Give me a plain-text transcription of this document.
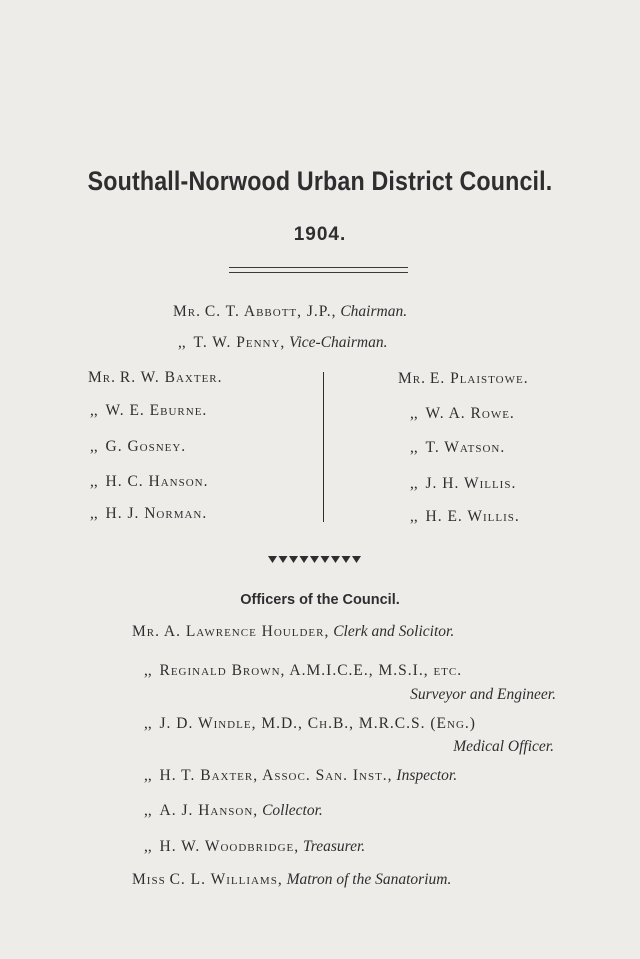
Southall-Norwood Urban District Council.
1904.
Mr. C. T. Abbott, J.P., Chairman.
,, T. W. Penny, Vice-Chairman.
Mr. R. W. Baxter.
,, W. E. Eburne.
,, G. Gosney.
,, H. C. Hanson.
,, H. J. Norman.
Mr. E. Plaistowe.
,, W. A. Rowe.
,, T. Watson.
,, J. H. Willis.
,, H. E. Willis.
Officers of the Council.
Mr. A. Lawrence Houlder, Clerk and Solicitor.
,, Reginald Brown, A.M.I.C.E., M.S.I., etc.
Surveyor and Engineer.
,, J. D. Windle, M.D., Ch.B., M.R.C.S. (Eng.)
Medical Officer.
,, H. T. Baxter, Assoc. San. Inst., Inspector.
,, A. J. Hanson, Collector.
,, H. W. Woodbridge, Treasurer.
Miss C. L. Williams, Matron of the Sanatorium.
